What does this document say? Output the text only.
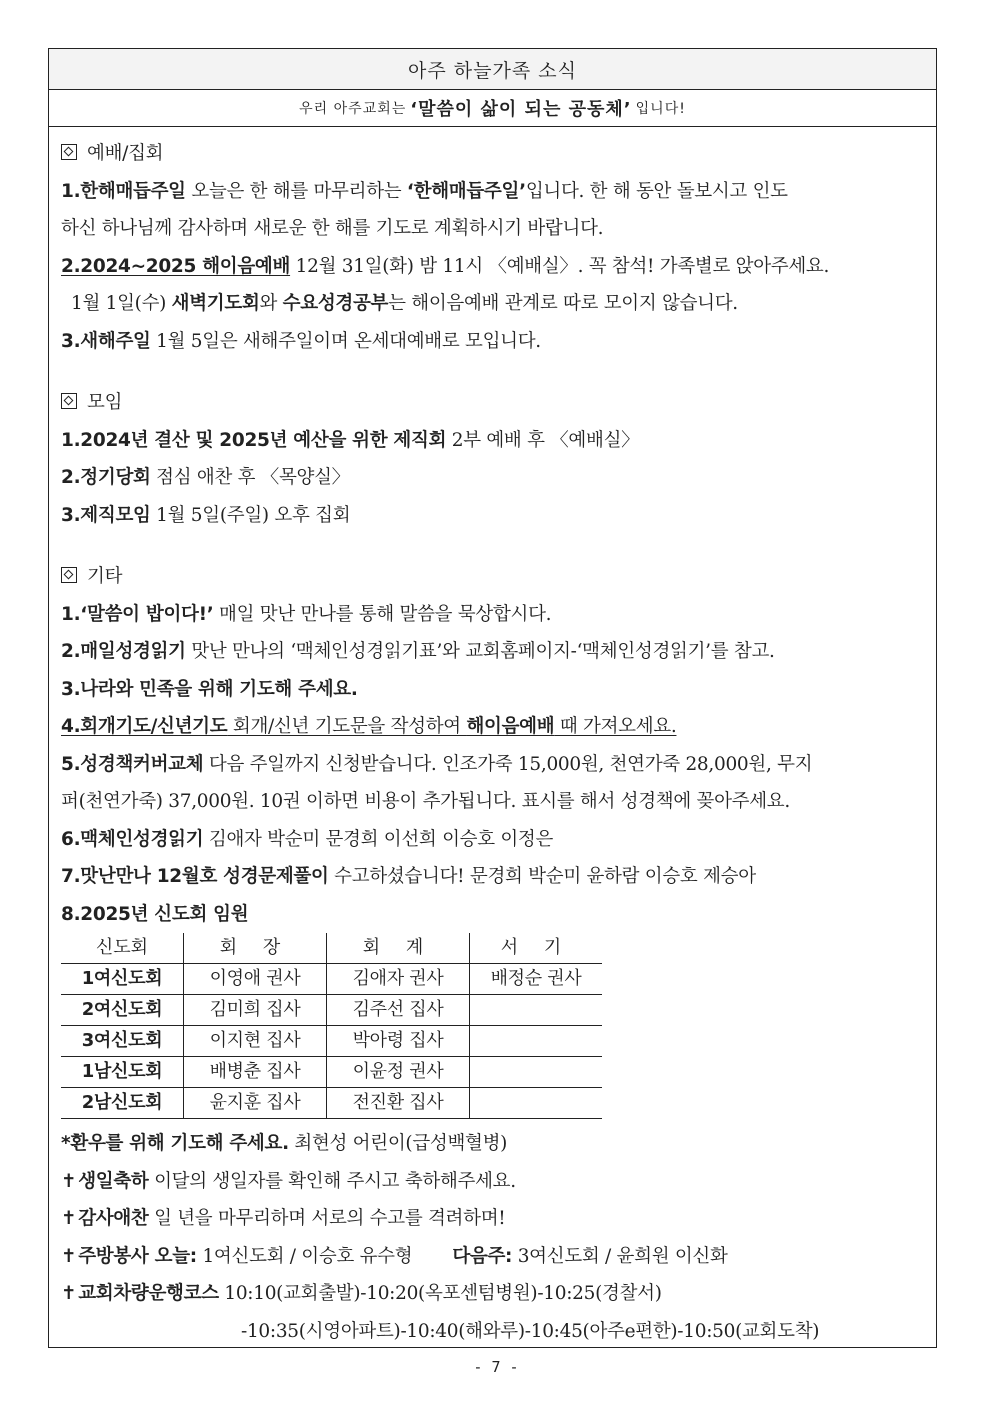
아주 하늘가족 소식
우리 아주교회는 ‘말씀이 삶이 되는 공동체’ 입니다!
예배/집회
1.한해매듭주일 오늘은 한 해를 마무리하는 ‘한해매듭주일’입니다. 한 해 동안 돌보시고 인도
하신 하나님께 감사하며 새로운 한 해를 기도로 계획하시기 바랍니다.
2.2024~2025 해이음예배 12월 31일(화) 밤 11시 〈예배실〉. 꼭 참석! 가족별로 앉아주세요.
1월 1일(수) 새벽기도회와 수요성경공부는 해이음예배 관계로 따로 모이지 않습니다.
3.새해주일 1월 5일은 새해주일이며 온세대예배로 모입니다.
모임
1.2024년 결산 및 2025년 예산을 위한 제직회 2부 예배 후 〈예배실〉
2.정기당회 점심 애찬 후 〈목양실〉
3.제직모임 1월 5일(주일) 오후 집회
기타
1.‘말씀이 밥이다!’ 매일 맛난 만나를 통해 말씀을 묵상합시다.
2.매일성경읽기 맛난 만나의 ‘맥체인성경읽기표’와 교회홈페이지-‘맥체인성경읽기’를 참고.
3.나라와 민족을 위해 기도해 주세요.
4.회개기도/신년기도 회개/신년 기도문을 작성하여 해이음예배 때 가져오세요.
5.성경책커버교체 다음 주일까지 신청받습니다. 인조가죽 15,000원, 천연가죽 28,000원, 무지
퍼(천연가죽) 37,000원. 10권 이하면 비용이 추가됩니다. 표시를 해서 성경책에 꽂아주세요.
6.맥체인성경읽기 김애자 박순미 문경희 이선희 이승호 이정은
7.맛난만나 12월호 성경문제풀이 수고하셨습니다! 문경희 박순미 윤하람 이승호 제승아
8.2025년 신도회 임원
신도회	회 장	회 계	서 기
1여신도회	이영애 권사	김애자 권사	배정순 권사
2여신도회	김미희 집사	김주선 집사	
3여신도회	이지현 집사	박아령 집사	
1남신도회	배병춘 집사	이윤정 권사	
2남신도회	윤지훈 집사	전진환 집사	
*환우를 위해 기도해 주세요. 최현성 어린이(급성백혈병)
✝ 생일축하 이달의 생일자를 확인해 주시고 축하해주세요.
✝ 감사애찬 일 년을 마무리하며 서로의 수고를 격려하며!
✝ 주방봉사 오늘: 1여신도회 / 이승호 유수형 다음주: 3여신도회 / 윤희원 이신화
✝ 교회차량운행코스 10:10(교회출발)-10:20(옥포센텀병원)-10:25(경찰서)
-10:35(시영아파트)-10:40(해와루)-10:45(아주e편한)-10:50(교회도착)
- 7 -
